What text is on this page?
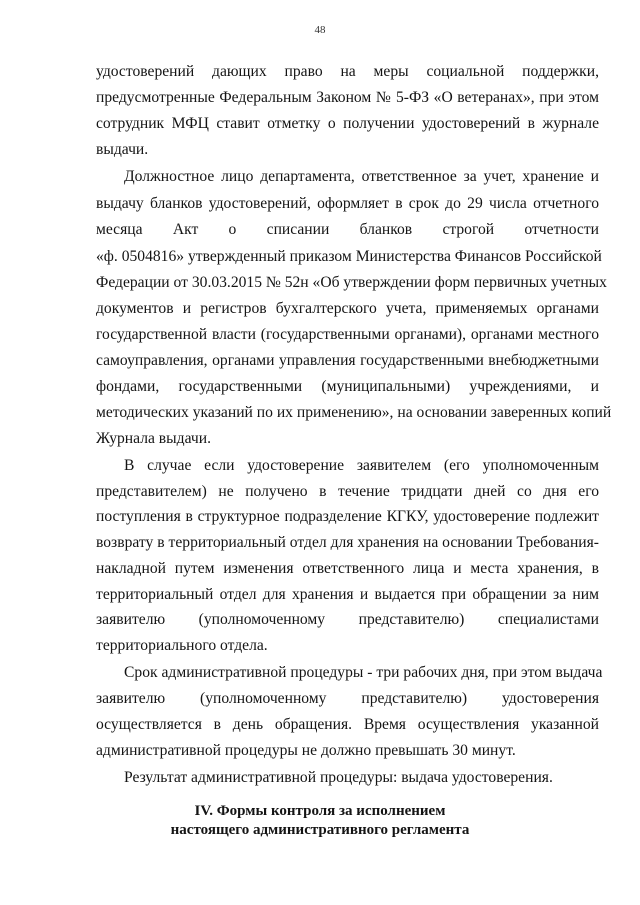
48

удостоверений дающих право на меры социальной поддержки,

предусмотренные Федеральным Законом № 5-ФЗ «О ветеранах», при этом

сотрудник МФЦ ставит отметку о получении удостоверений в журнале

выдачи.

Должностное лицо департамента, ответственное за учет, хранение и

выдачу бланков удостоверений, оформляет в срок до 29 числа отчетного

месяца Акт о списании бланков строгой отчетности

«ф. 0504816» утвержденный приказом Министерства Финансов Российской

Федерации от 30.03.2015 № 52н «Об утверждении форм первичных учетных

документов и регистров бухгалтерского учета, применяемых органами

государственной власти (государственными органами), органами местного

самоуправления, органами управления государственными внебюджетными

фондами, государственными (муниципальными) учреждениями, и

методических указаний по их применению», на основании заверенных копий

Журнала выдачи.

В случае если удостоверение заявителем (его уполномоченным

представителем) не получено в течение тридцати дней со дня его

поступления в структурное подразделение КГКУ, удостоверение подлежит

возврату в территориальный отдел для хранения на основании Требования-

накладной путем изменения ответственного лица и места хранения, в

территориальный отдел для хранения и выдается при обращении за ним

заявителю (уполномоченному представителю) специалистами

территориального отдела.

Срок административной процедуры - три рабочих дня, при этом выдача

заявителю (уполномоченному представителю) удостоверения

осуществляется в день обращения. Время осуществления указанной

административной процедуры не должно превышать 30 минут.

Результат административной процедуры: выдача удостоверения.

IV. Формы контроля за исполнением

настоящего административного регламента
